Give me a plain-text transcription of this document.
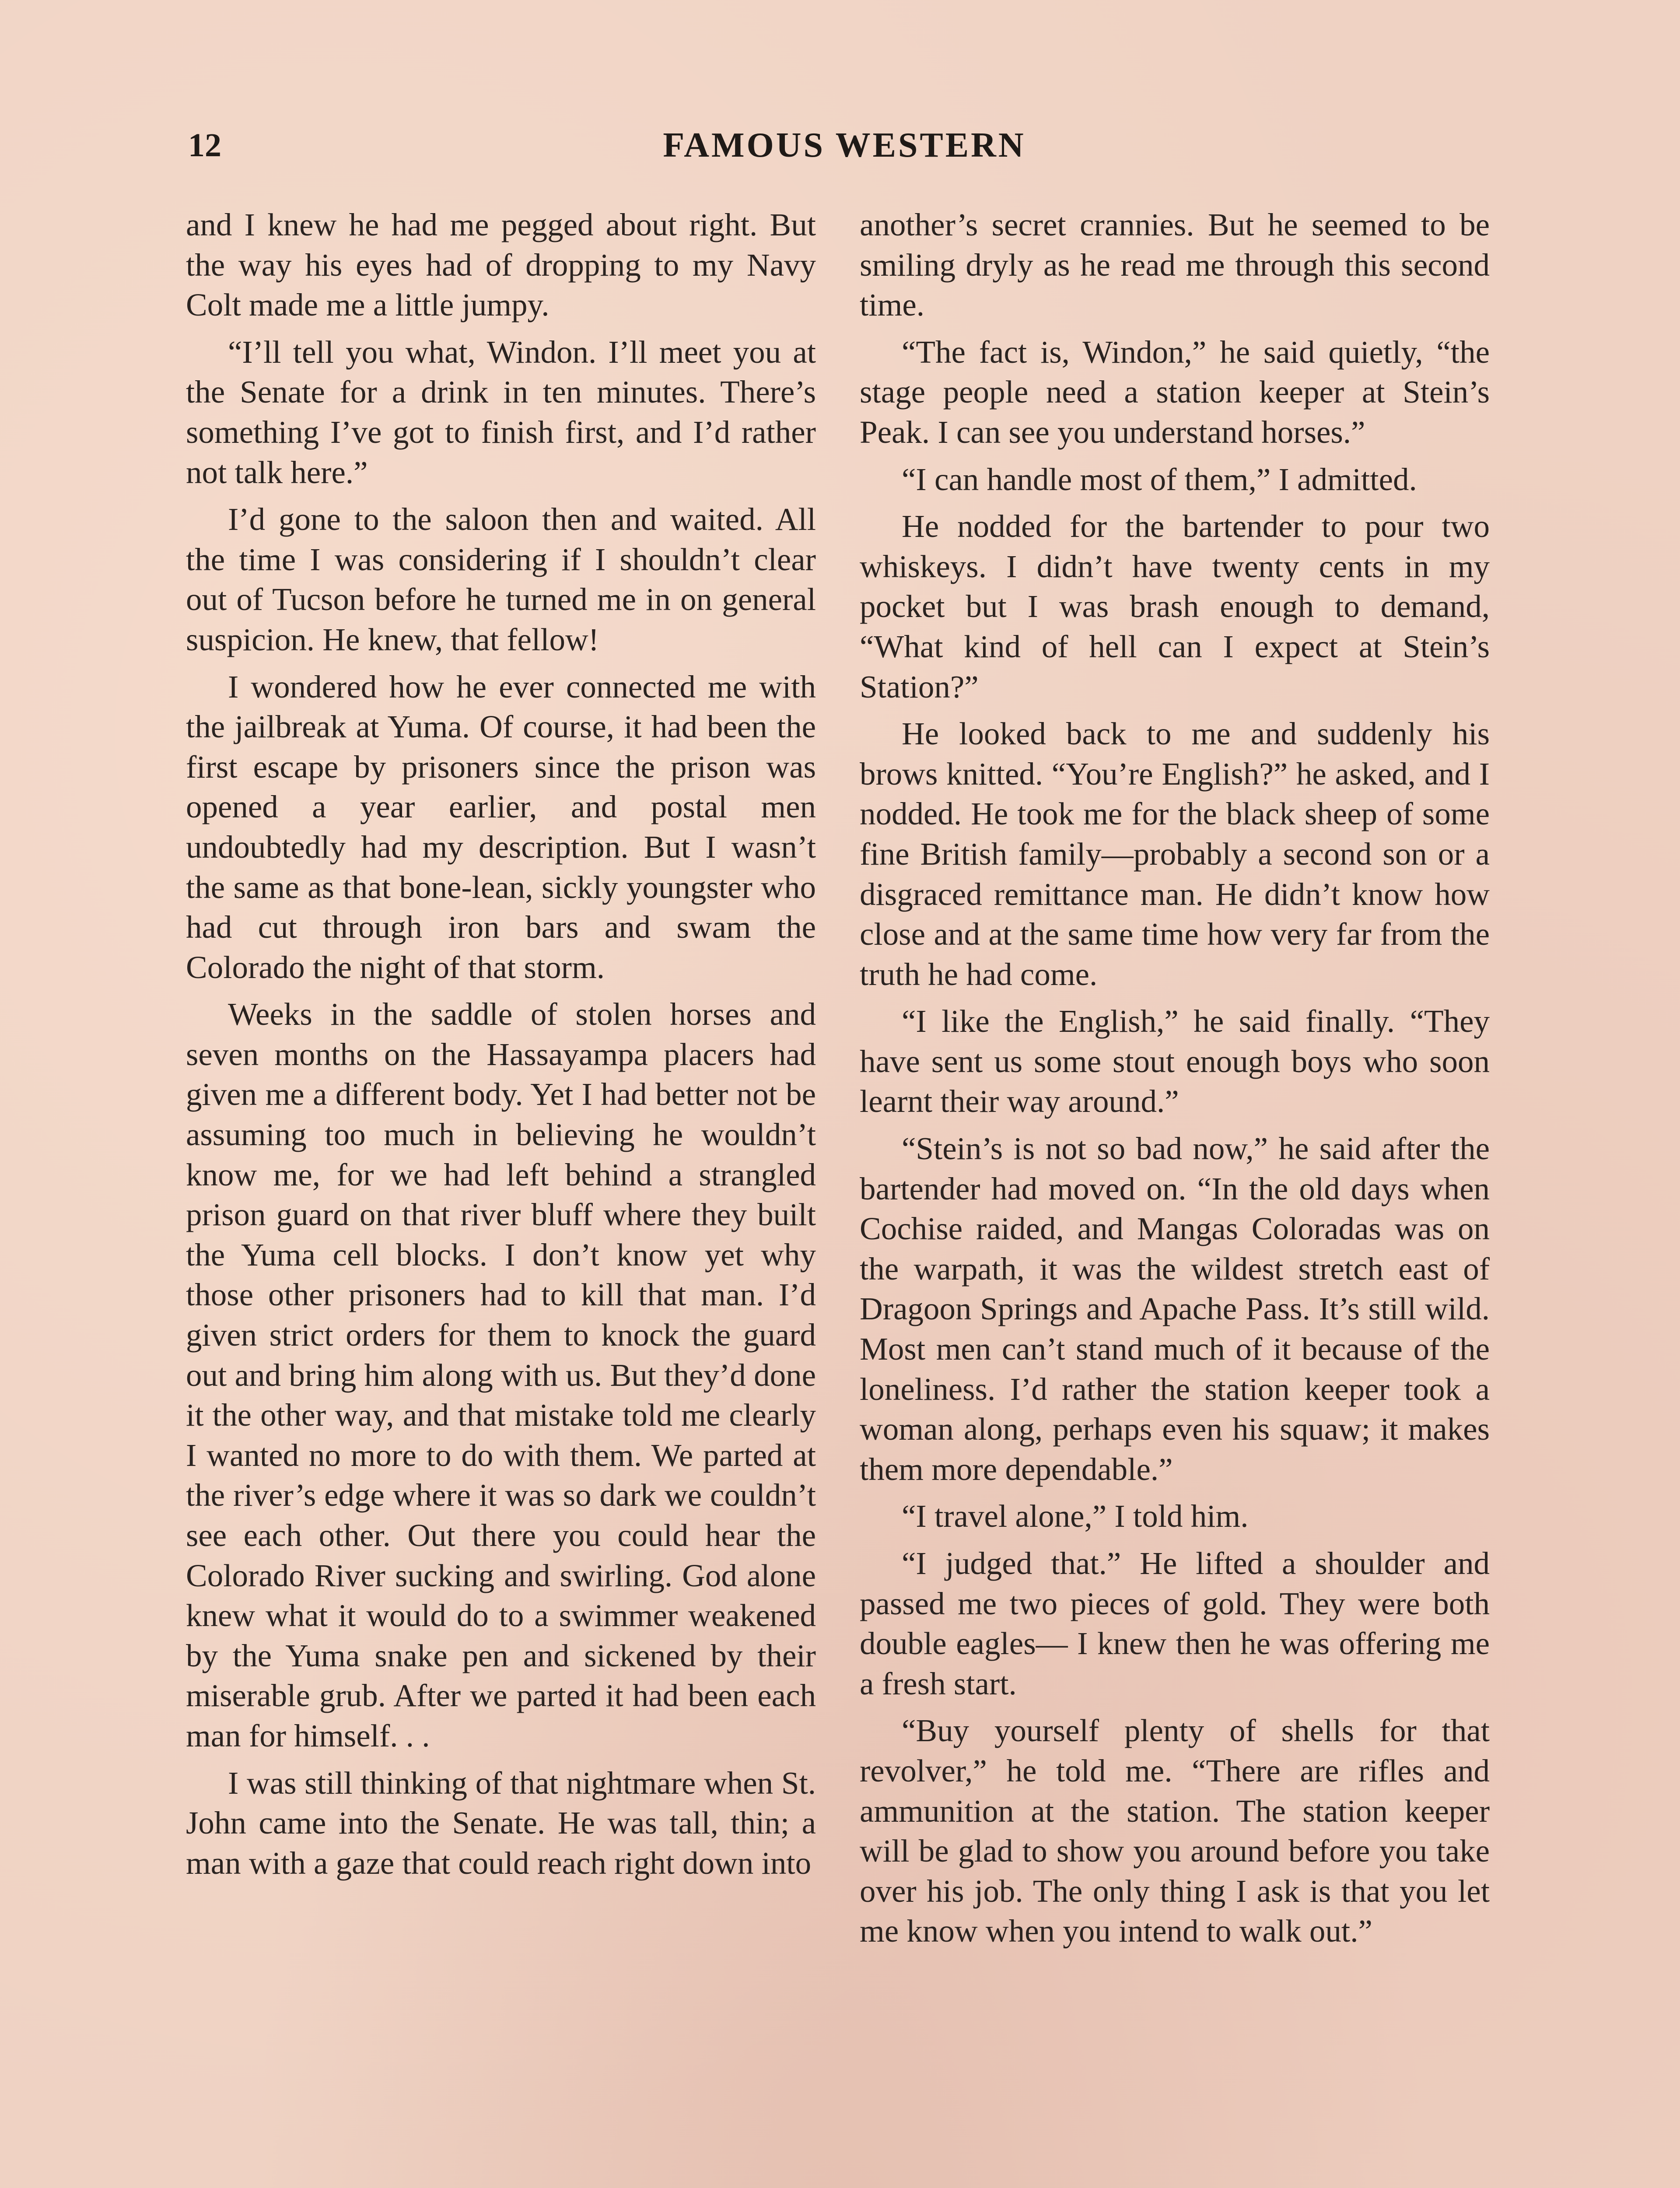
12	FAMOUS WESTERN

and I knew he had me pegged about right. But the way his eyes had of dropping to my Navy Colt made me a little jumpy.

“I’ll tell you what, Windon. I’ll meet you at the Senate for a drink in ten minutes. There’s something I’ve got to finish first, and I’d rather not talk here.”

I’d gone to the saloon then and waited. All the time I was considering if I shouldn’t clear out of Tucson before he turned me in on general suspicion. He knew, that fellow!

I wondered how he ever connected me with the jailbreak at Yuma. Of course, it had been the first escape by prisoners since the prison was opened a year earlier, and postal men undoubtedly had my description. But I wasn’t the same as that bone-lean, sickly youngster who had cut through iron bars and swam the Colorado the night of that storm.

Weeks in the saddle of stolen horses and seven months on the Hassayampa placers had given me a different body. Yet I had better not be assuming too much in believing he wouldn’t know me, for we had left behind a strangled prison guard on that river bluff where they built the Yuma cell blocks. I don’t know yet why those other prisoners had to kill that man. I’d given strict orders for them to knock the guard out and bring him along with us. But they’d done it the other way, and that mistake told me clearly I wanted no more to do with them. We parted at the river’s edge where it was so dark we couldn’t see each other. Out there you could hear the Colorado River sucking and swirling. God alone knew what it would do to a swimmer weakened by the Yuma snake pen and sickened by their miserable grub. After we parted it had been each man for himself. . .

I was still thinking of that nightmare when St. John came into the Senate. He was tall, thin; a man with a gaze that could reach right down into

another’s secret crannies. But he seemed to be smiling dryly as he read me through this second time.

“The fact is, Windon,” he said quietly, “the stage people need a station keeper at Stein’s Peak. I can see you understand horses.”

“I can handle most of them,” I admitted.

He nodded for the bartender to pour two whiskeys. I didn’t have twenty cents in my pocket but I was brash enough to demand, “What kind of hell can I expect at Stein’s Station?”

He looked back to me and suddenly his brows knitted. “You’re English?” he asked, and I nodded. He took me for the black sheep of some fine British family—probably a second son or a disgraced remittance man. He didn’t know how close and at the same time how very far from the truth he had come.

“I like the English,” he said finally. “They have sent us some stout enough boys who soon learnt their way around.”

“Stein’s is not so bad now,” he said after the bartender had moved on. “In the old days when Cochise raided, and Mangas Coloradas was on the warpath, it was the wildest stretch east of Dragoon Springs and Apache Pass. It’s still wild. Most men can’t stand much of it because of the loneliness. I’d rather the station keeper took a woman along, perhaps even his squaw; it makes them more dependable.”

“I travel alone,” I told him.

“I judged that.” He lifted a shoulder and passed me two pieces of gold. They were both double eagles— I knew then he was offering me a fresh start.

“Buy yourself plenty of shells for that revolver,” he told me. “There are rifles and ammunition at the station. The station keeper will be glad to show you around before you take over his job. The only thing I ask is that you let me know when you intend to walk out.”
